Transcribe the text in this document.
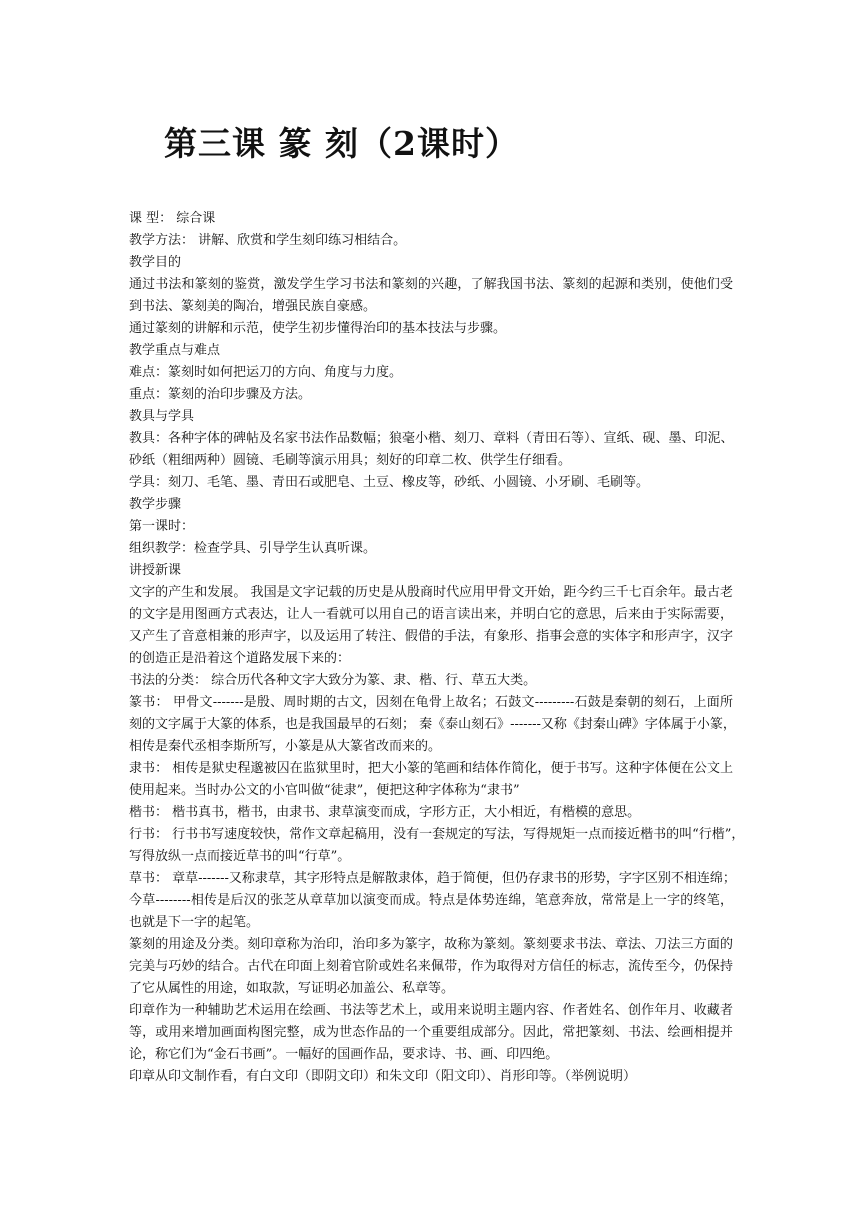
第三课 篆 刻（2课时）
课 型： 综合课
教学方法： 讲解、欣赏和学生刻印练习相结合。
教学目的
通过书法和篆刻的鉴赏，激发学生学习书法和篆刻的兴趣，了解我国书法、篆刻的起源和类别，使他们受
到书法、篆刻美的陶冶，增强民族自豪感。
通过篆刻的讲解和示范，使学生初步懂得治印的基本技法与步骤。
教学重点与难点
难点：篆刻时如何把运刀的方向、角度与力度。
重点：篆刻的治印步骤及方法。
教具与学具
教具：各种字体的碑帖及名家书法作品数幅；狼毫小楷、刻刀、章料（青田石等）、宣纸、砚、墨、印泥、
砂纸（粗细两种）圆镜、毛刷等演示用具；刻好的印章二枚、供学生仔细看。
学具：刻刀、毛笔、墨、青田石或肥皂、土豆、橡皮等，砂纸、小圆镜、小牙刷、毛刷等。
教学步骤
第一课时：
组织教学：检查学具、引导学生认真听课。
讲授新课
文字的产生和发展。 我国是文字记载的历史是从殷商时代应用甲骨文开始，距今约三千七百余年。最古老
的文字是用图画方式表达，让人一看就可以用自己的语言读出来，并明白它的意思，后来由于实际需要，
又产生了音意相兼的形声字，以及运用了转注、假借的手法，有象形、指事会意的实体字和形声字，汉字
的创造正是沿着这个道路发展下来的：
书法的分类： 综合历代各种文字大致分为篆、隶、楷、行、草五大类。
篆书： 甲骨文-------是殷、周时期的古文，因刻在龟骨上故名；石鼓文---------石鼓是秦朝的刻石，上面所
刻的文字属于大篆的体系，也是我国最早的石刻； 秦《泰山刻石》-------又称《封秦山碑》字体属于小篆，
相传是秦代丞相李斯所写，小篆是从大篆省改而来的。
隶书： 相传是狱史程邈被囚在监狱里时，把大小篆的笔画和结体作简化，便于书写。这种字体便在公文上
使用起来。当时办公文的小官叫做“徒隶”，便把这种字体称为“隶书”
楷书： 楷书真书，楷书，由隶书、隶草演变而成，字形方正，大小相近，有楷模的意思。
行书： 行书书写速度较快，常作文章起稿用，没有一套规定的写法，写得规矩一点而接近楷书的叫“行楷”，
写得放纵一点而接近草书的叫“行草”。
草书： 章草-------又称隶草，其字形特点是解散隶体，趋于简便，但仍存隶书的形势，字字区别不相连绵；
今草--------相传是后汉的张芝从章草加以演变而成。特点是体势连绵，笔意奔放，常常是上一字的终笔，
也就是下一字的起笔。
篆刻的用途及分类。刻印章称为治印，治印多为篆字，故称为篆刻。篆刻要求书法、章法、刀法三方面的
完美与巧妙的结合。古代在印面上刻着官阶或姓名来佩带，作为取得对方信任的标志，流传至今，仍保持
了它从属性的用途，如取款，写证明必加盖公、私章等。
印章作为一种辅助艺术运用在绘画、书法等艺术上，或用来说明主题内容、作者姓名、创作年月、收藏者
等，或用来增加画面构图完整，成为世态作品的一个重要组成部分。因此，常把篆刻、书法、绘画相提并
论，称它们为“金石书画”。一幅好的国画作品，要求诗、书、画、印四绝。
印章从印文制作看，有白文印（即阴文印）和朱文印（阳文印）、肖形印等。（举例说明）
